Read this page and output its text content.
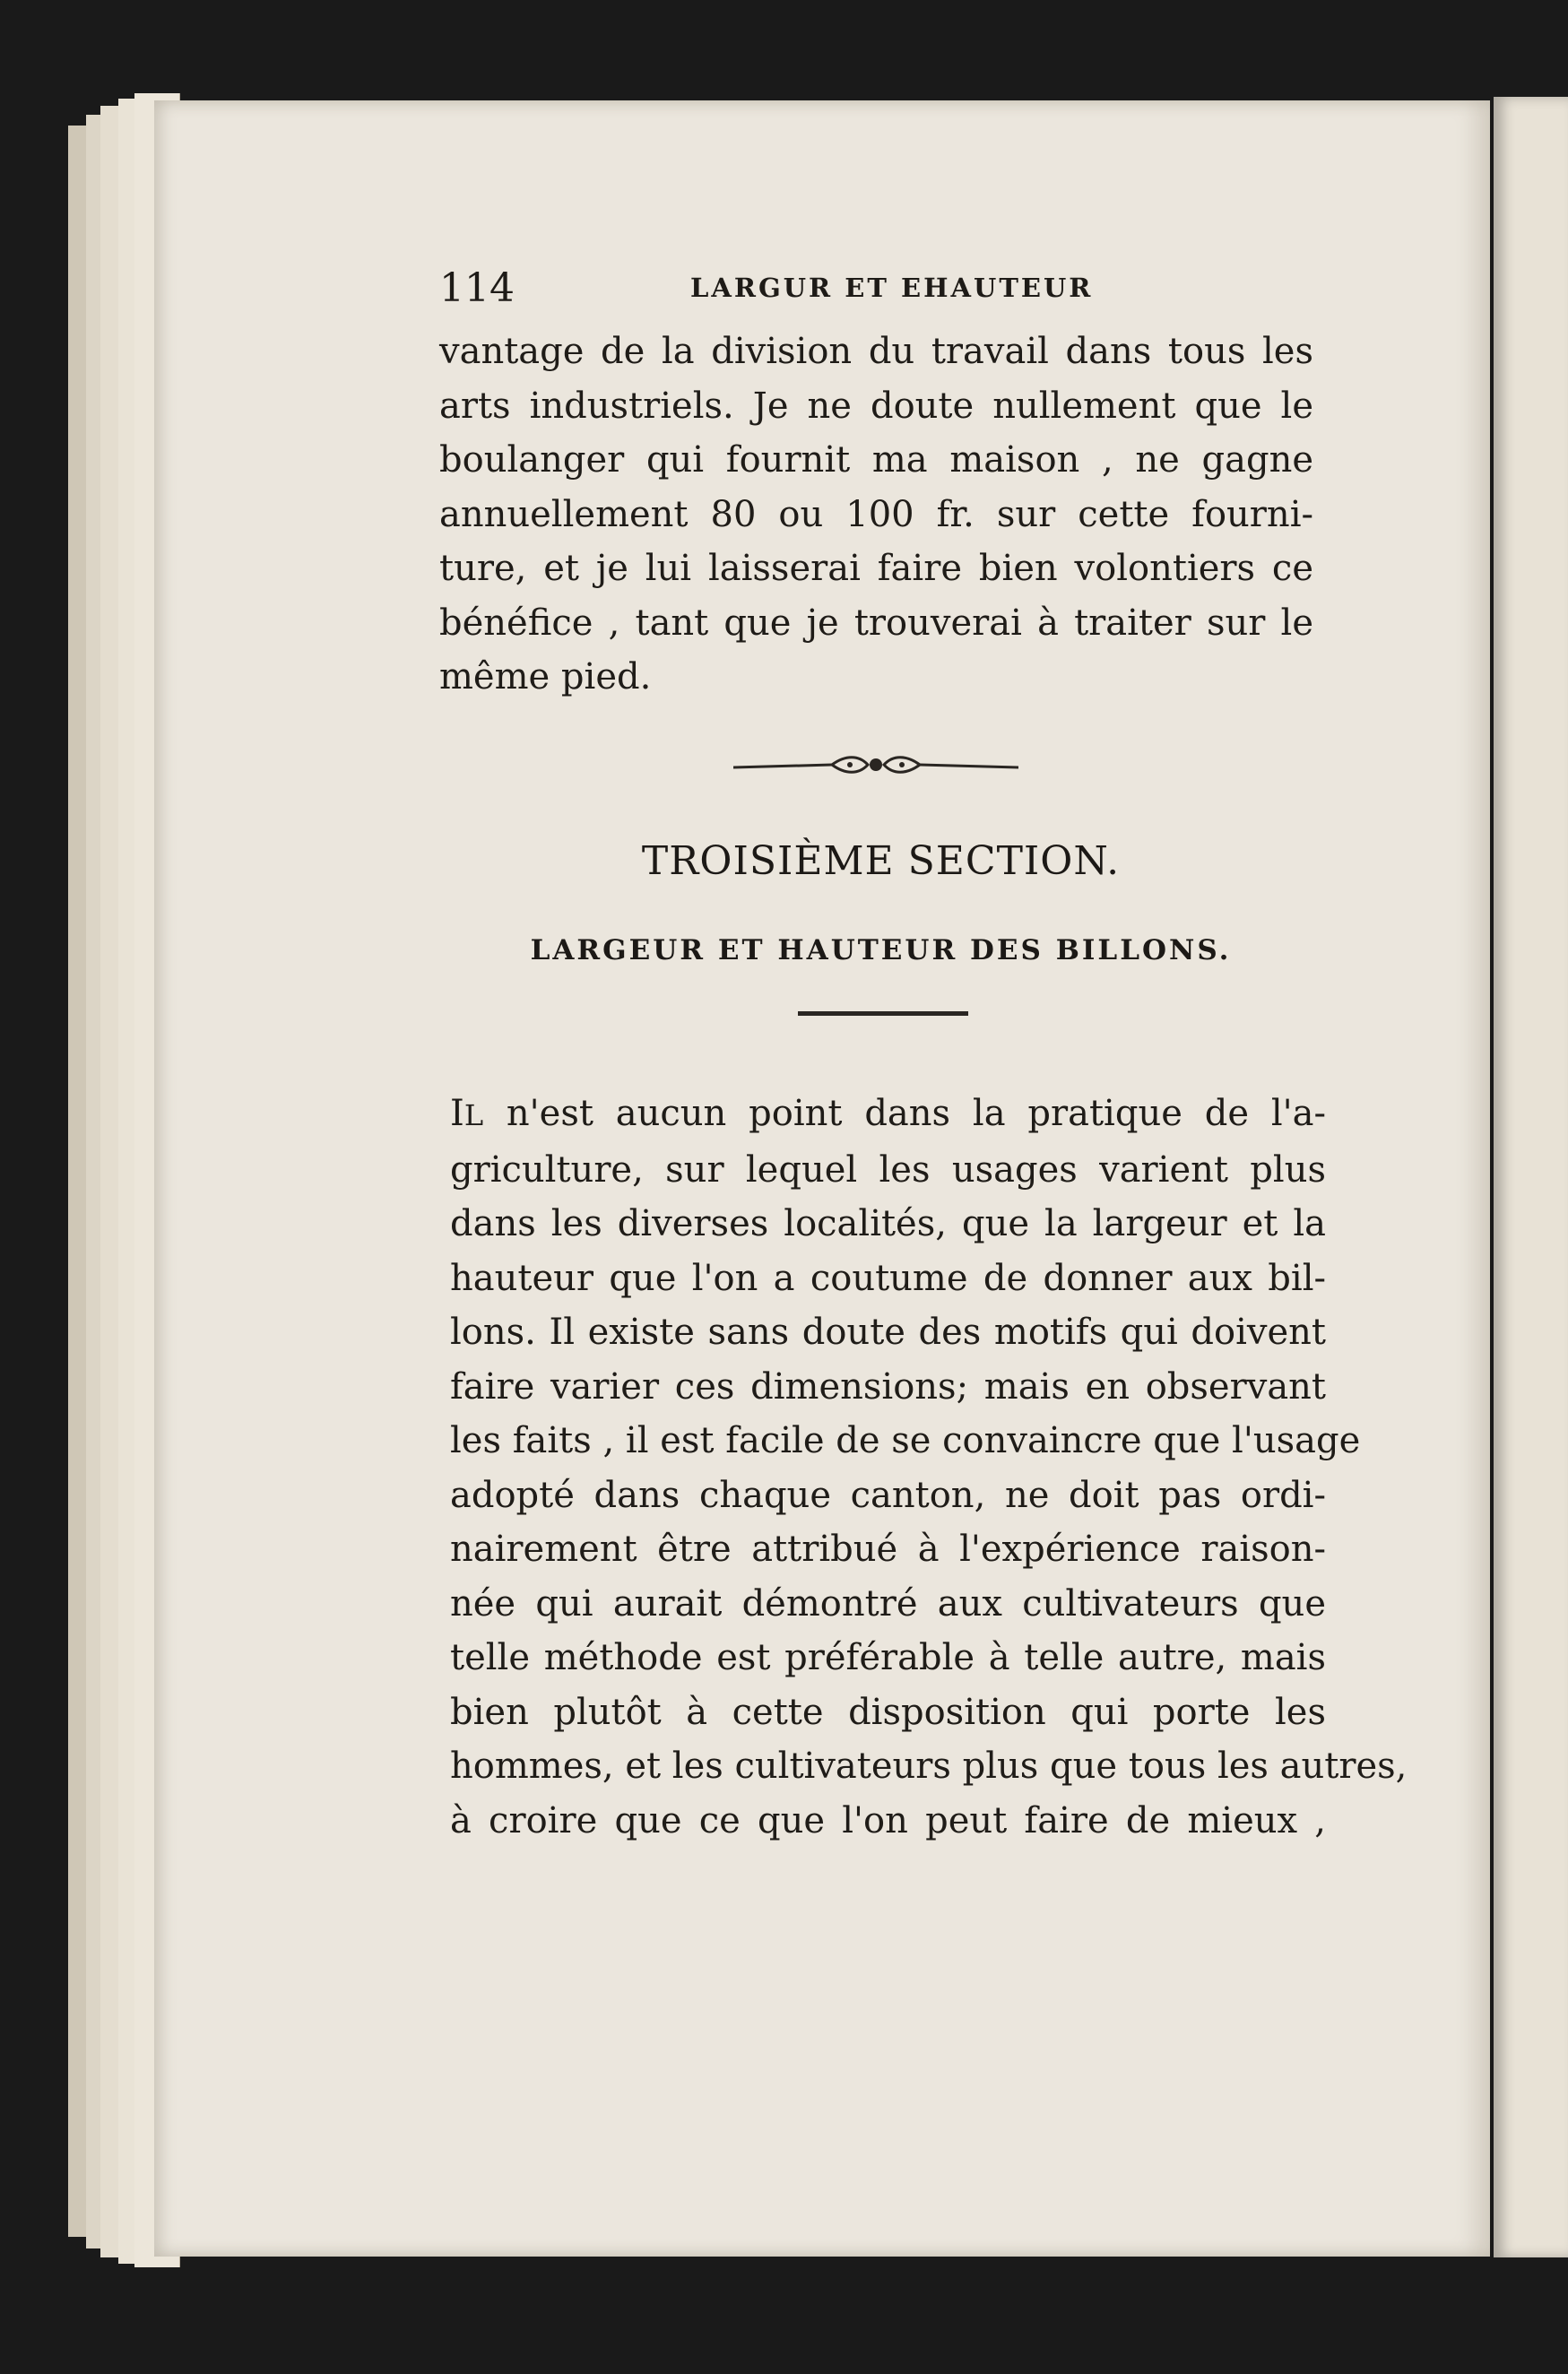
114	LARGUR ET EHAUTEUR
vantage de la division du travail dans tous les
arts industriels. Je ne doute nullement que le
boulanger qui fournit ma maison , ne gagne
annuellement 80 ou 100 fr. sur cette fourni-
ture, et je lui laisserai faire bien volontiers ce
bénéfice , tant que je trouverai à traiter sur le
même pied.
TROISIÈME SECTION.
LARGEUR ET HAUTEUR DES BILLONS.
IL n'est aucun point dans la pratique de l'a-
griculture, sur lequel les usages varient plus
dans les diverses localités, que la largeur et la
hauteur que l'on a coutume de donner aux bil-
lons. Il existe sans doute des motifs qui doivent
faire varier ces dimensions; mais en observant
les faits , il est facile de se convaincre que l'usage
adopté dans chaque canton, ne doit pas ordi-
nairement être attribué à l'expérience raison-
née qui aurait démontré aux cultivateurs que
telle méthode est préférable à telle autre, mais
bien plutôt à cette disposition qui porte les
hommes, et les cultivateurs plus que tous les autres,
à croire que ce que l'on peut faire de mieux ,
